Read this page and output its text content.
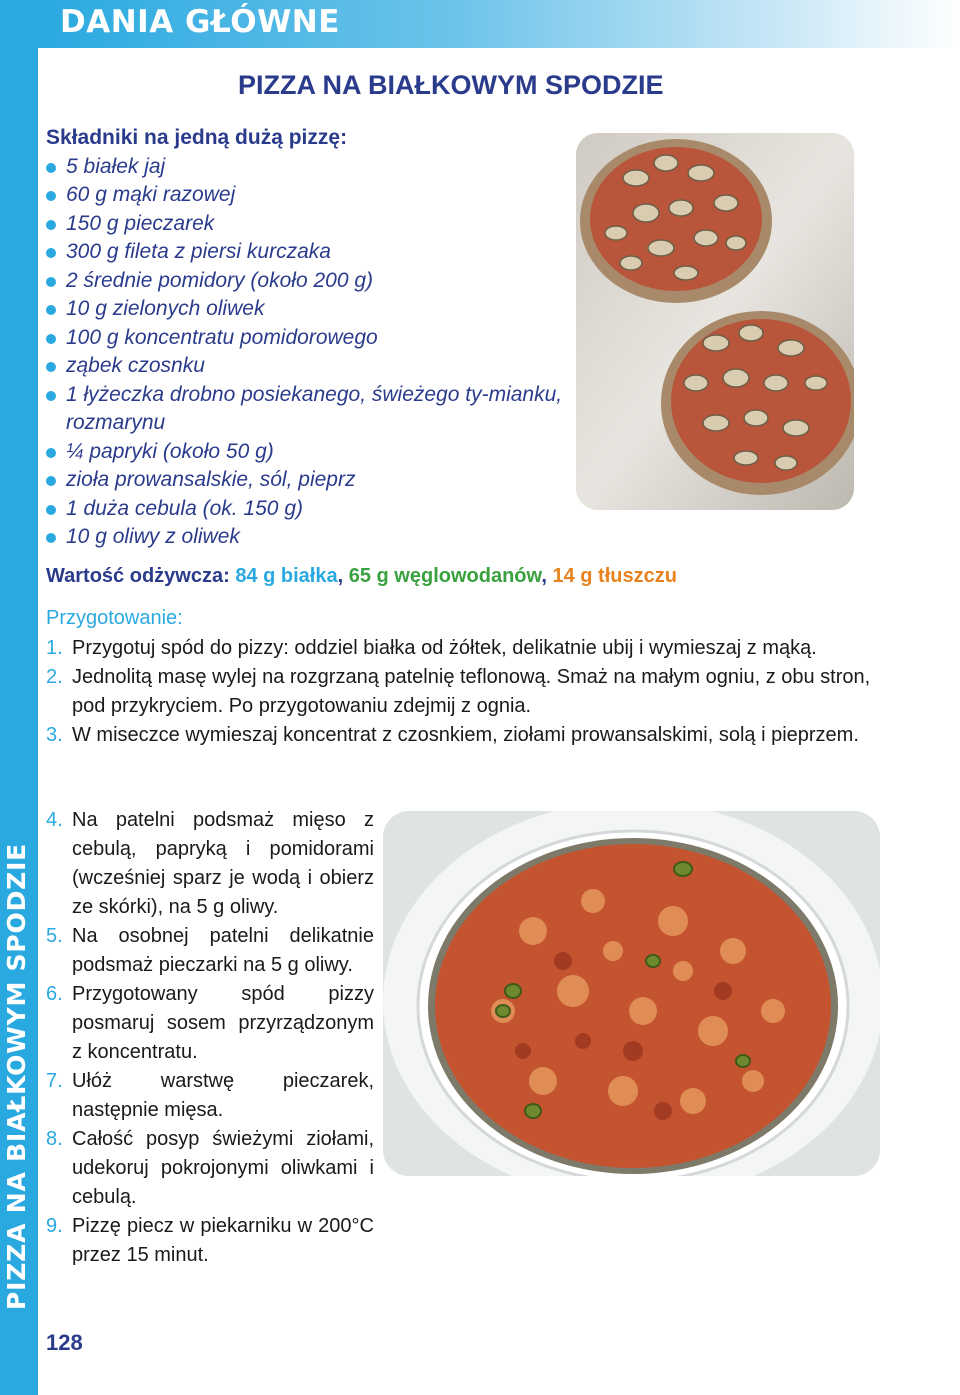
DANIA GŁÓWNE
PIZZA NA BIAŁKOWYM SPODZIE
PIZZA NA BIAŁKOWYM SPODZIE
Składniki na jedną dużą pizzę:
5 białek jaj
60 g mąki razowej
150 g pieczarek
300 g fileta z piersi kurczaka
2 średnie pomidory (około 200 g)
10 g zielonych oliwek
100 g koncentratu pomidorowego
ząbek czosnku
1 łyżeczka drobno posiekanego, świeżego ty-mianku, rozmarynu
¼ papryki (około 50 g)
zioła prowansalskie, sól, pieprz
1 duża cebula (ok. 150 g)
10 g oliwy z oliwek
Wartość odżywcza: 84 g białka, 65 g węglowodanów, 14 g tłuszczu
Przygotowanie:
1. Przygotuj spód do pizzy: oddziel białka od żółtek, delikatnie ubij i wymieszaj z mąką.
2. Jednolitą masę wylej na rozgrzaną patelnię teflonową. Smaż na małym ogniu, z obu stron, pod przykryciem. Po przygotowaniu zdejmij z ognia.
3. W miseczce wymieszaj koncentrat z czosnkiem, ziołami prowansalskimi, solą i pieprzem.
4. Na patelni podsmaż mięso z cebulą, papryką i pomidorami (wcześniej sparz je wodą i obierz ze skórki), na 5 g oliwy.
5. Na osobnej patelni delikatnie podsmaż pieczarki na 5 g oliwy.
6. Przygotowany spód pizzy posmaruj sosem przyrządzonym z koncentratu.
7. Ułóż warstwę pieczarek, następnie mięsa.
8. Całość posyp świeżymi ziołami, udekoruj pokrojonymi oliwkami i cebulą.
9. Pizzę piecz w piekarniku w 200°C przez 15 minut.
128
